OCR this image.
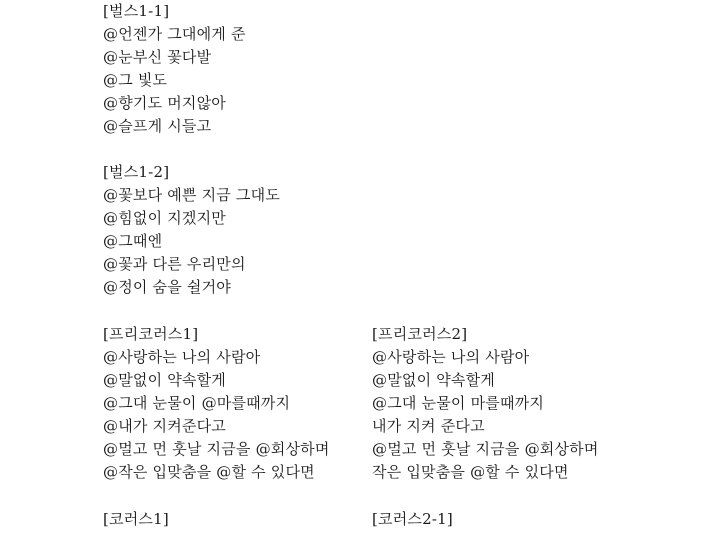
[벌스1-1]
@언젠가 그대에게 준
@눈부신 꽃다발
@그 빛도
@향기도 머지않아
@슬프게 시들고
[벌스1-2]
@꽃보다 예쁜 지금 그대도
@힘없이 지겠지만
@그때엔
@꽃과 다른 우리만의
@정이 숨을 쉴거야
[프리코러스1]
@사랑하는 나의 사람아
@말없이 약속할게
@그대 눈물이 @마를때까지
@내가 지켜준다고
@멀고 먼 훗날 지금을 @회상하며
@작은 입맞춤을 @할 수 있다면
[코러스1]
[프리코러스2]
@사랑하는 나의 사람아
@말없이 약속할게
@그대 눈물이 마를때까지
내가 지켜 준다고
@멀고 먼 훗날 지금을 @회상하며
작은 입맞춤을 @할 수 있다면
[코러스2-1]
